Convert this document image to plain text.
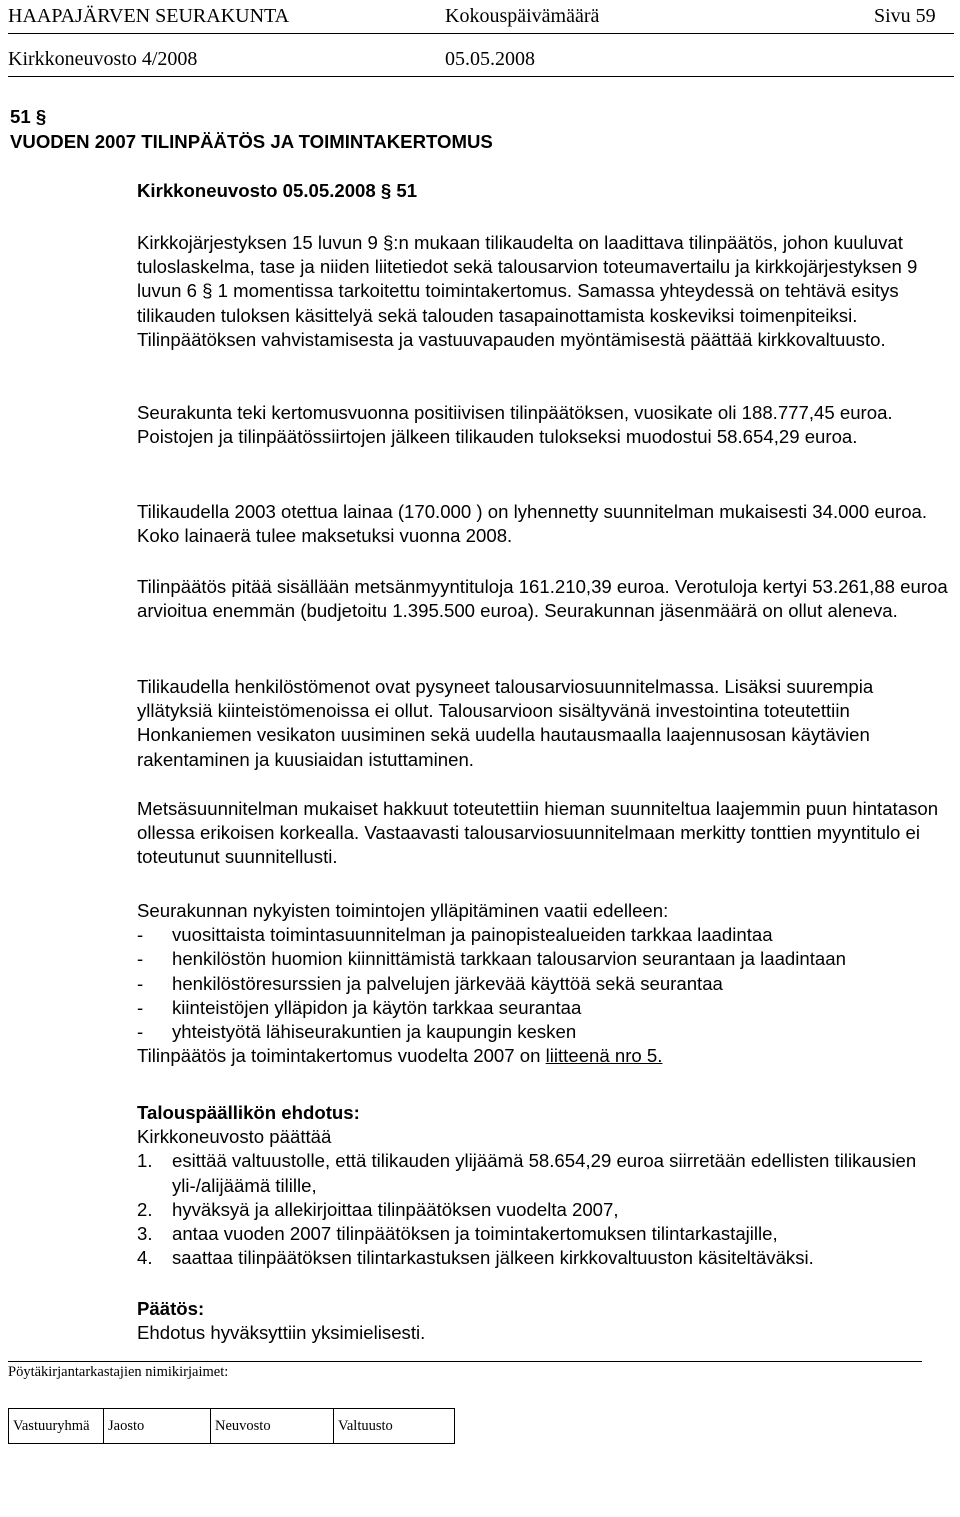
HAAPAJÄRVEN SEURAKUNTA	Kokouspäivämäärä	Sivu 59
Kirkkoneuvosto 4/2008	05.05.2008
51 §
VUODEN 2007 TILINPÄÄTÖS JA TOIMINTAKERTOMUS
Kirkkoneuvosto 05.05.2008 § 51

Kirkkojärjestyksen 15 luvun 9 §:n mukaan tilikaudelta on laadittava tilinpäätös, johon kuuluvat tuloslaskelma, tase ja niiden liitetiedot sekä talousarvion toteumavertailu ja kirkkojärjestyksen 9 luvun 6 § 1 momentissa tarkoitettu toimintakertomus. Samassa yhteydessä on tehtävä esitys tilikauden tuloksen käsittelyä sekä talouden tasapainottamista koskeviksi toimenpiteiksi. Tilinpäätöksen vahvistamisesta ja vastuuvapauden myöntämisestä päättää kirkkovaltuusto.

Seurakunta teki kertomusvuonna positiivisen tilinpäätöksen, vuosikate oli 188.777,45 euroa. Poistojen ja tilinpäätössiirtojen jälkeen tilikauden tulokseksi muodostui 58.654,29 euroa.

Tilikaudella 2003 otettua lainaa (170.000 ) on lyhennetty suunnitelman mukaisesti 34.000 euroa. Koko lainaerä tulee maksetuksi vuonna 2008.

Tilinpäätös pitää sisällään metsänmyyntituloja 161.210,39 euroa. Verotuloja kertyi 53.261,88 euroa arvioitua enemmän (budjetoitu 1.395.500 euroa). Seurakunnan jäsenmäärä on ollut aleneva.

Tilikaudella henkilöstömenot ovat pysyneet talousarviosuunnitelmassa. Lisäksi suurempia yllätyksiä kiinteistömenoissa ei ollut. Talousarvioon sisältyvänä investointina toteutettiin Honkaniemen vesikaton uusiminen sekä uudella hautausmaalla laajennusosan käytävien rakentaminen ja kuusiaidan istuttaminen.

Metsäsuunnitelman mukaiset hakkuut toteutettiin hieman suunniteltua laajemmin puun hintatason ollessa erikoisen korkealla. Vastaavasti talousarviosuunnitelmaan merkitty tonttien myyntitulo ei toteutunut suunnitellusti.

Seurakunnan nykyisten toimintojen ylläpitäminen vaatii edelleen:

- vuosittaista toimintasuunnitelman ja painopistealueiden tarkkaa laadintaa
- henkilöstön huomion kiinnittämistä tarkkaan talousarvion seurantaan ja laadintaan
- henkilöstöresurssien ja palvelujen järkevää käyttöä sekä seurantaa
- kiinteistöjen ylläpidon ja käytön tarkkaa seurantaa
- yhteistyötä lähiseurakuntien ja kaupungin kesken

Tilinpäätös ja toimintakertomus vuodelta 2007 on liitteenä nro 5.

Talouspäällikön ehdotus:

Kirkkoneuvosto päättää

1. esittää valtuustolle, että tilikauden ylijäämä 58.654,29 euroa siirretään edellisten tilikausien yli-/alijäämä tilille,
2. hyväksyä ja allekirjoittaa tilinpäätöksen vuodelta 2007,
3. antaa vuoden 2007 tilinpäätöksen ja toimintakertomuksen tilintarkastajille,
4. saattaa tilinpäätöksen tilintarkastuksen jälkeen kirkkovaltuuston käsiteltäväksi.

Päätös:

Ehdotus hyväksyttiin yksimielisesti.

Pöytäkirjantarkastajien nimikirjaimet:
Vastuuryhmä	Jaosto	Neuvosto	Valtuusto
